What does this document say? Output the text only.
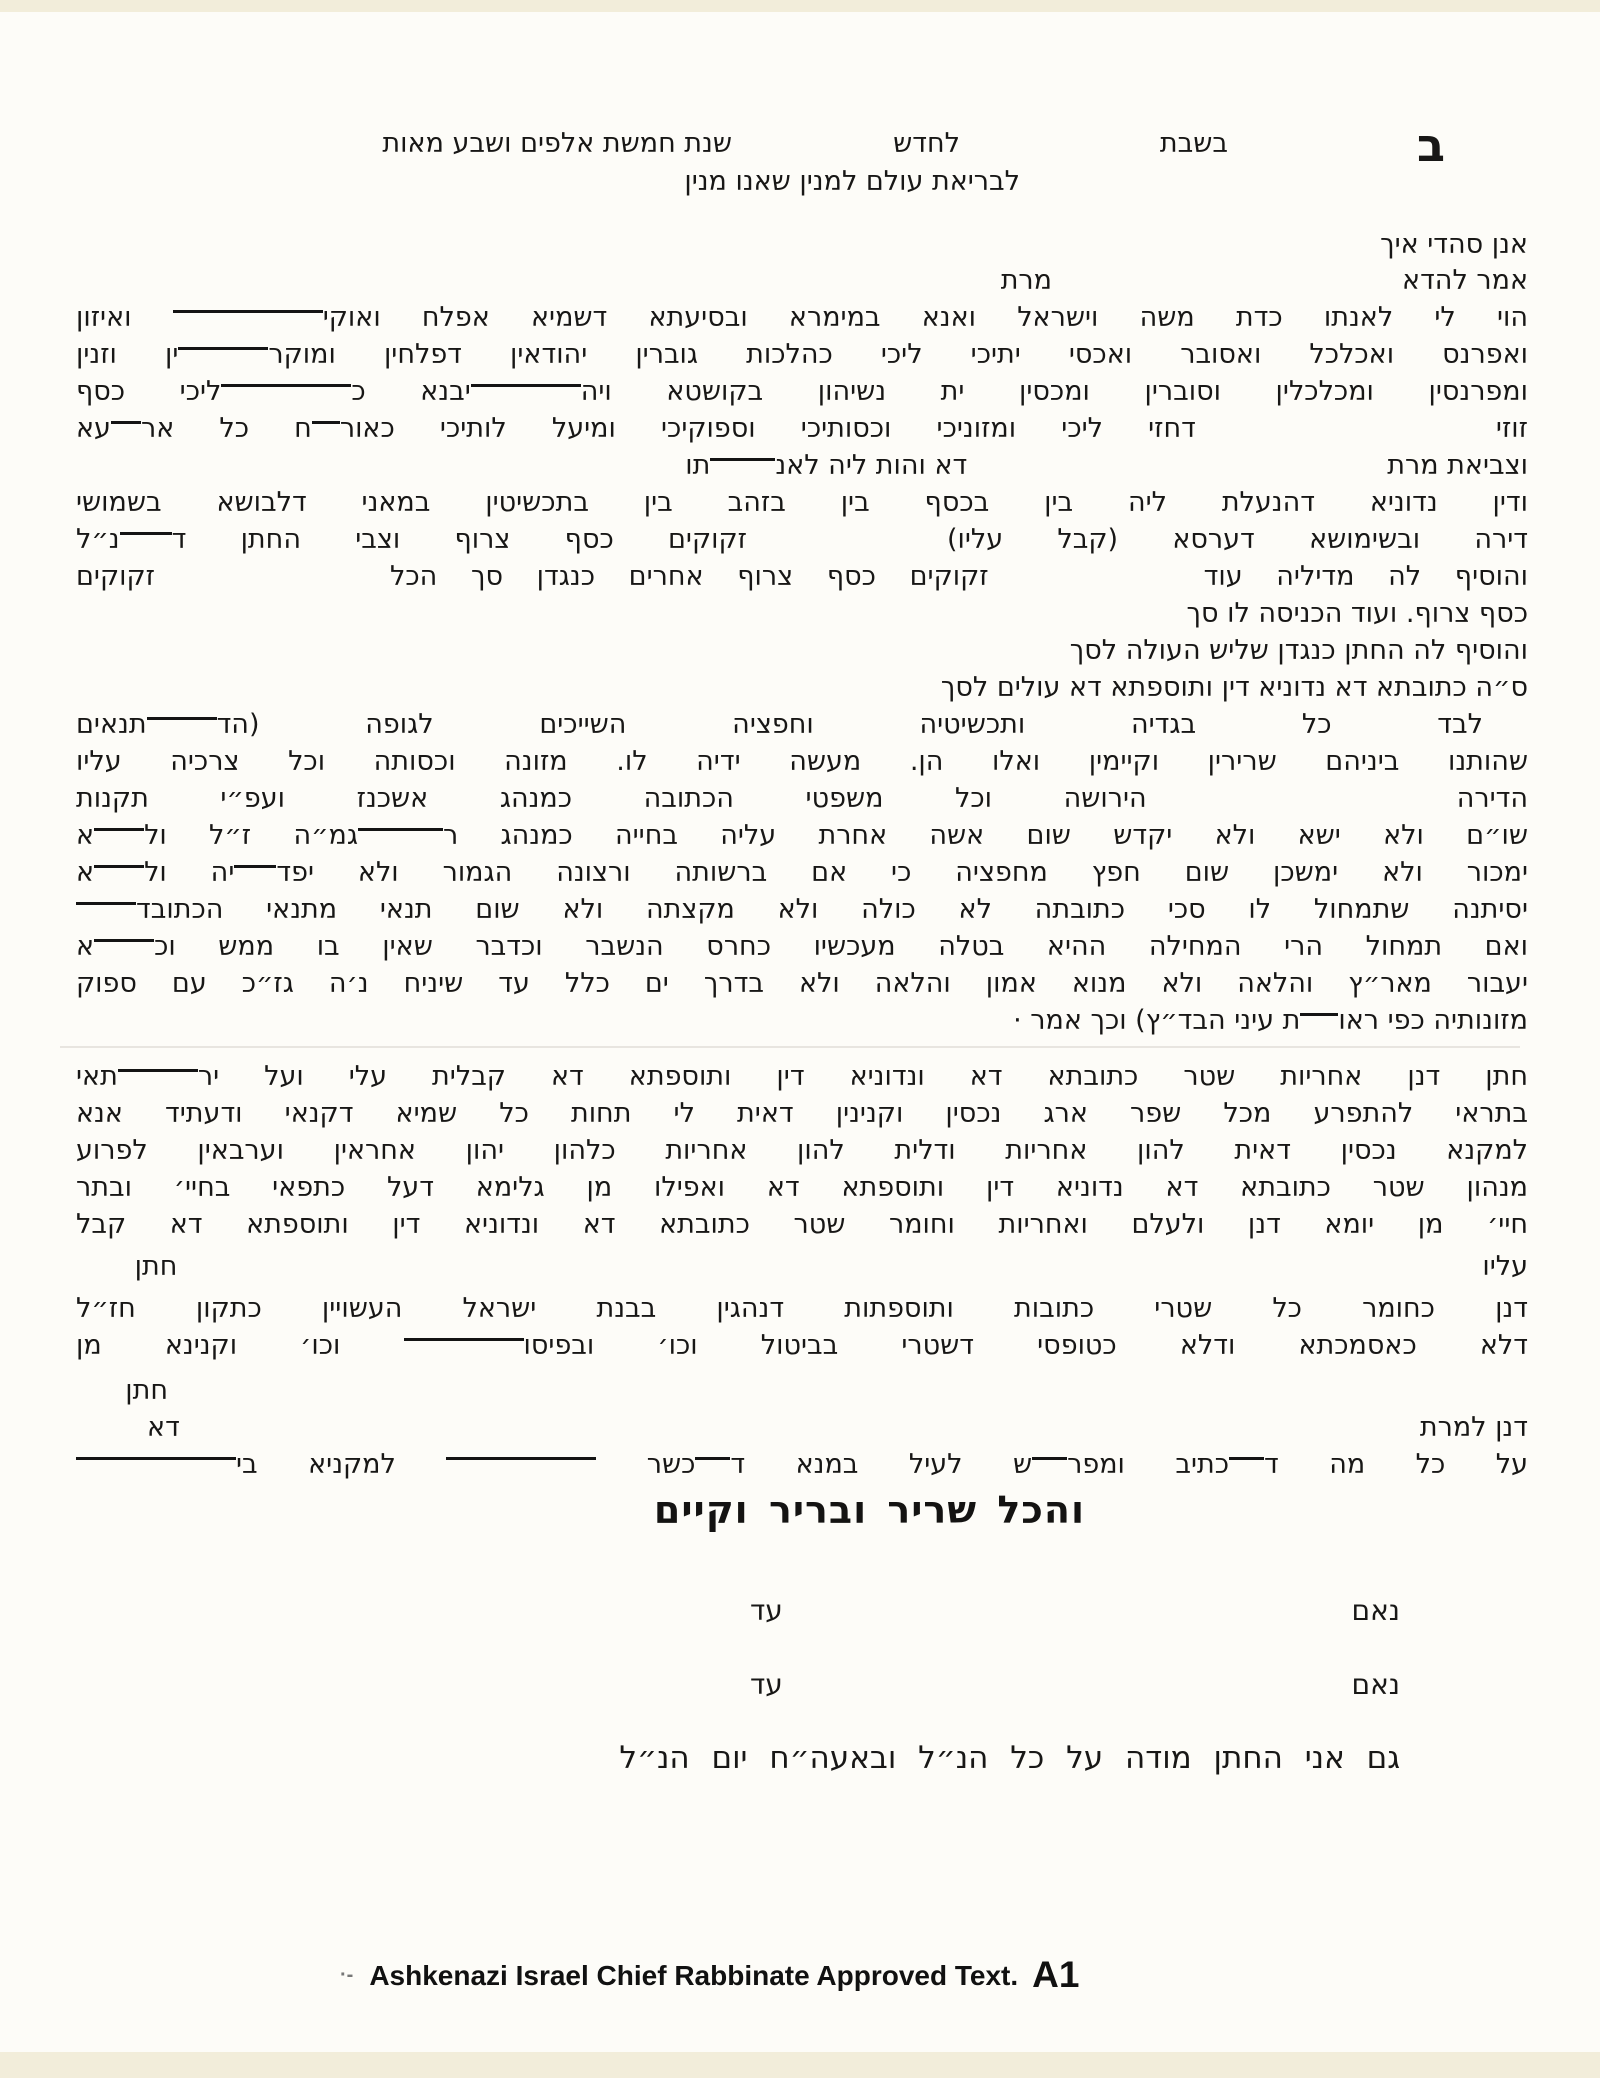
ב
בשבת
לחדש
שנת חמשת אלפים ושבע מאות
לבריאת עולם למנין שאנו מנין
אנן סהדי איך
אמר להדאמרת
הוי לי לאנתו כדת משה וישראל ואנא במימרא ובסיעתא דשמיא אפלח ואוקי ואיזון
ואפרנס ואכלכל ואסובר ואכסי יתיכי ליכי כהלכות גוברין יהודאין דפלחין ומוקרין וזנין
ומפרנסין ומכלכלין וסוברין ומכסין ית נשיהון בקושטא ויהיבנא כליכי כסף
זוזידחזי ליכי ומזוניכי וכסותיכי וספוקיכי ומיעל לותיכי כאורח כל ארעא
וצביאת מרתדא והות ליה לאנתו
ודין נדוניא דהנעלת ליה בין בכסף בין בזהב בין בתכשיטין במאני דלבושא בשמושי
דירה ובשימושא דערסא (קבל עליו)זקוקים כסף צרוף וצבי החתן דנ״ל
והוסיף לה מדיליה עודזקוקים כסף צרוף אחרים כנגדן סך הכלזקוקים
כסף צרוף. ועוד הכניסה לו סך
והוסיף לה החתן כנגדן שליש העולה לסך
ס״ה כתובתא דא נדוניא דין ותוספתא דא עולים לסך
לבד כל בגדיה ותכשיטיה וחפציה השייכים לגופה (הדתנאים
שהותנו ביניהם שרירין וקיימין ואלו הן. מעשה ידיה לו. מזונה וכסותה וכל צרכיה עליו
הדירההירושה וכל משפטי הכתובה כמנהג אשכנז ועפ״י תקנות
שו״ם ולא ישא ולא יקדש שום אשה אחרת עליה בחייה כמנהג רגמ״ה ז״ל ולא
ימכור ולא ימשכן שום חפץ מחפציה כי אם ברשותה ורצונה הגמור ולא יפדיה ולא
יסיתנה שתמחול לו סכי כתובתה לא כולה ולא מקצתה ולא שום תנאי מתנאי הכתובד
ואם תמחול הרי המחילה ההיא בטלה מעכשיו כחרס הנשבר וכדבר שאין בו ממש וכא
יעבור מאר״ץ והלאה ולא מנוא אמון והלאה ולא בדרך ים כלל עד שיניח נ׳ה גז״כ עם ספוק
מזונותיה כפי ראות עיני הבד״ץ) וכך אמר ·
חתן דנן אחריות שטר כתובתא דא ונדוניא דין ותוספתא דא קבלית עלי ועל ירתאי
בתראי להתפרע מכל שפר ארג נכסין וקנינין דאית לי תחות כל שמיא דקנאי ודעתיד אנא
למקנא נכסין דאית להון אחריות ודלית להון אחריות כלהון יהון אחראין וערבאין לפרוע
מנהון שטר כתובתא דא נדוניא דין ותוספתא דא ואפילו מן גלימא דעל כתפאי בחיי׳ ובתר
חיי׳ מן יומא דנן ולעלם ואחריות וחומר שטר כתובתא דא ונדוניא דין ותוספתא דא קבל
עליוחתן
דנן כחומר כל שטרי כתובות ותוספתות דנהגין בבנת ישראל העשויין כתקון חז״ל
דלא כאסמכתא ודלא כטופסי דשטרי בביטול וכו׳ ובפיסו וכו׳ וקנינא מן
חתן
דנן למרתדא
על כל מה דכתיב ומפרש לעיל במנא דכשר  למקניא בי
והכל שריר ובריר וקיים
נאם
עד
נאם
עד
גם אני החתן מודה על כל הנ״ל ובאעה״ח יום הנ״ל
·- Ashkenazi Israel Chief Rabbinate Approved Text. A1
